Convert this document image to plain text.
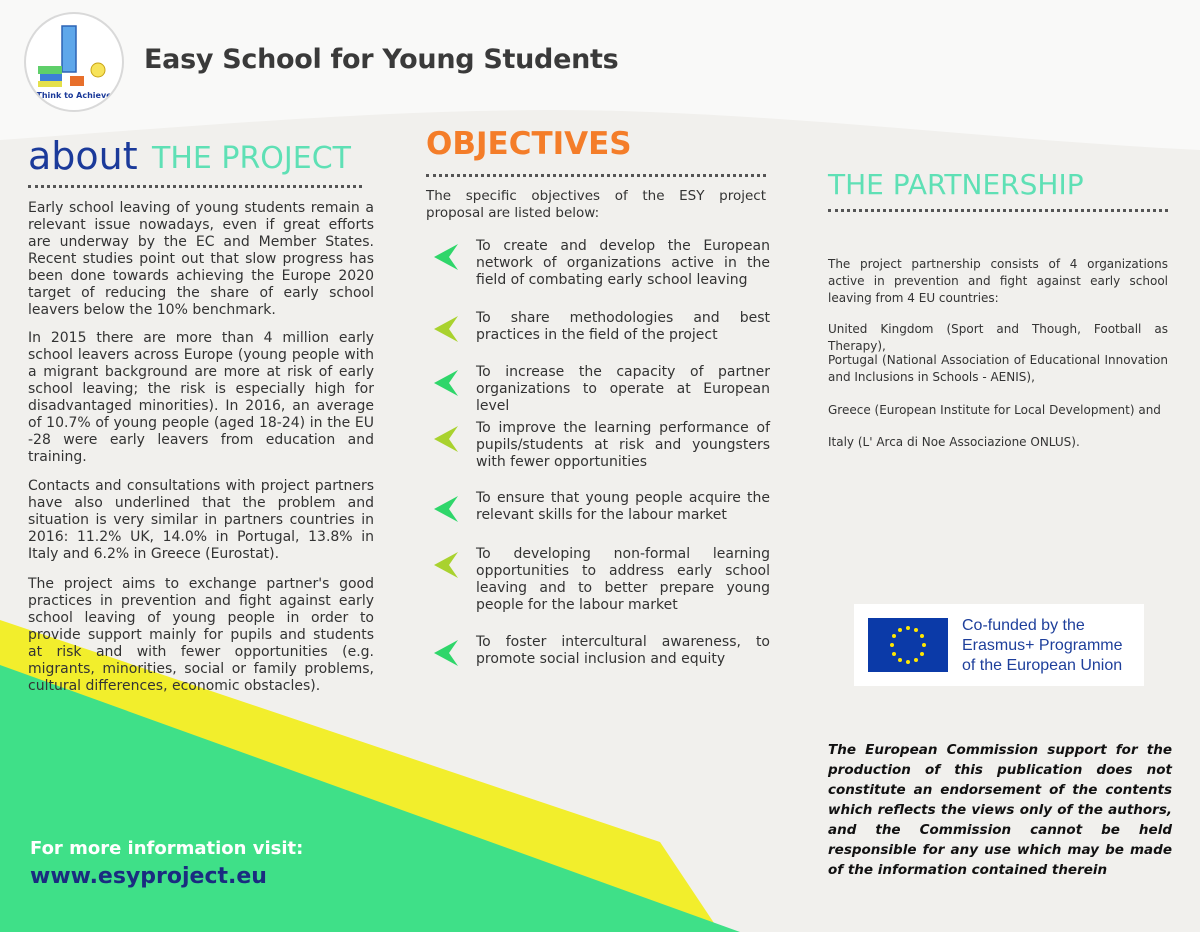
Think to Achieve
Easy School for Young Students
about THE PROJECT
Early school leaving of young students remain a relevant issue nowadays, even if great efforts are underway by the EC and Member States. Recent studies point out that slow progress has been done towards achieving the Europe 2020 target of reducing the share of early school leavers below the 10% benchmark.
In 2015 there are more than 4 million early school leavers across Europe (young people with a migrant background are more at risk of early school leaving; the risk is especially high for disadvantaged minorities). In 2016, an average of 10.7% of young people (aged 18-24) in the EU -28 were early leavers from education and training.
Contacts and consultations with project partners have also underlined that the problem and situation is very similar in partners countries in 2016: 11.2% UK, 14.0% in Portugal, 13.8% in Italy and 6.2% in Greece (Eurostat).
The project aims to exchange partner's good practices in prevention and fight against early school leaving of young people in order to provide support mainly for pupils and students at risk and with fewer opportunities (e.g. migrants, minorities, social or family problems, cultural differences, economic obstacles).
OBJECTIVES
The specific objectives of the ESY project proposal are listed below:
To create and develop the European network of organizations active in the field of combating early school leaving
To share methodologies and best practices in the field of the project
To increase the capacity of partner organizations to operate at European level
To improve the learning performance of pupils/students at risk and youngsters with fewer opportunities
To ensure that young people acquire the relevant skills for the labour market
To developing non-formal learning opportunities to address early school leaving and to better prepare young people for the labour market
To foster intercultural awareness, to promote social inclusion and equity
THE PARTNERSHIP
The project partnership consists of 4 organizations active in prevention and fight against early school leaving from 4 EU countries:
United Kingdom (Sport and Though, Football as Therapy),
Portugal (National Association of Educational Innovation and Inclusions in Schools - AENIS),
Greece (European Institute for Local Development) and
Italy (L' Arca di Noe Associazione ONLUS).
Co-funded by the
Erasmus+ Programme
of the European Union
The European Commission support for the production of this publication does not constitute an endorsement of the contents which reflects the views only of the authors, and the Commission cannot be held responsible for any use which may be made of the information contained therein
For more information visit:
www.esyproject.eu
